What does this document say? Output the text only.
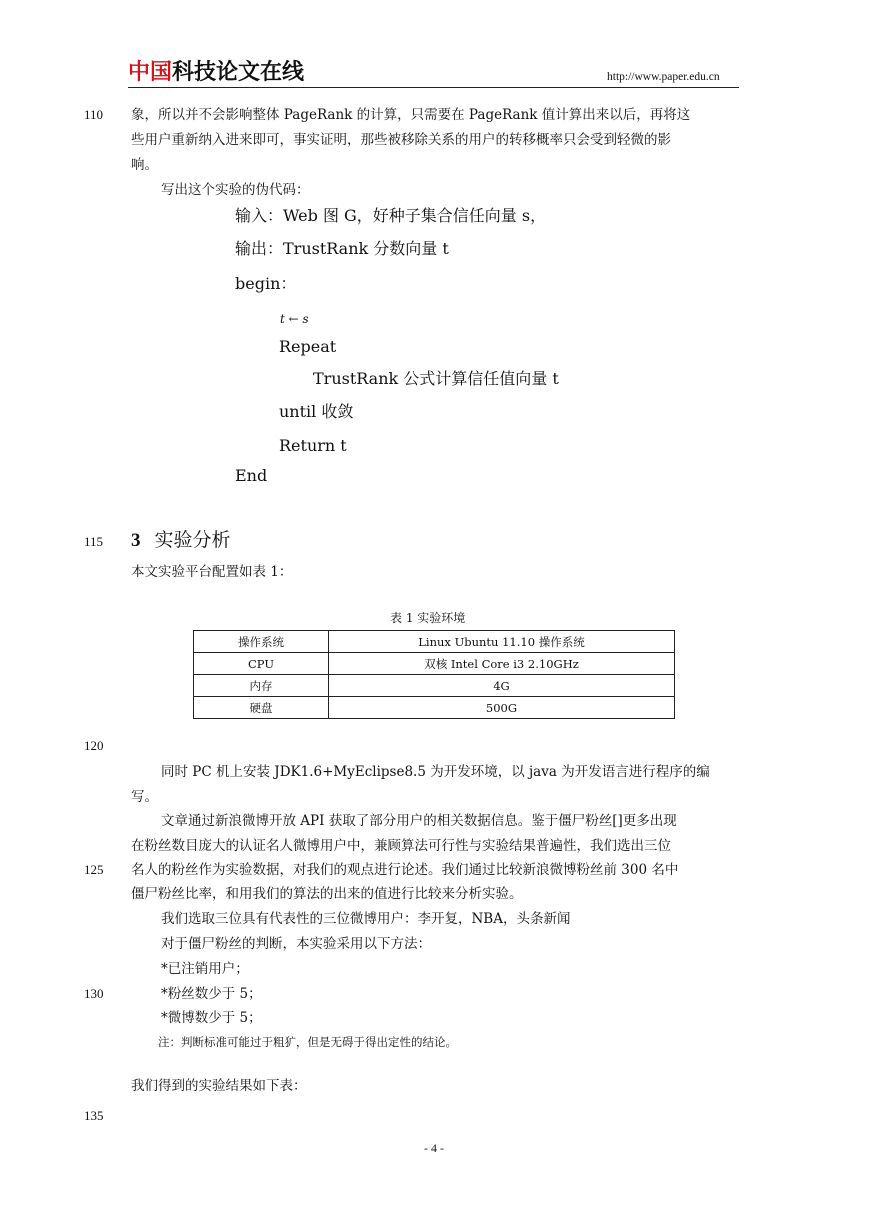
中国科技论文在线	http://www.paper.edu.cn
110
115
120
125
130
135
象，所以并不会影响整体 PageRank 的计算，只需要在 PageRank 值计算出来以后，再将这
些用户重新纳入进来即可，事实证明，那些被移除关系的用户的转移概率只会受到轻微的影
响。
写出这个实验的伪代码：
输入：Web 图 G，好种子集合信任向量 s，
输出：TrustRank 分数向量 t
begin：
t ← s
Repeat
TrustRank 公式计算信任值向量 t
until 收敛
Return t
End
3 实验分析
本文实验平台配置如表 1：
表 1 实验环境
操作系统	Linux Ubuntu 11.10 操作系统
CPU	双核 Intel Core i3 2.10GHz
内存	4G
硬盘	500G
同时 PC 机上安装 JDK1.6+MyEclipse8.5 为开发环境，以 java 为开发语言进行程序的编
写。
文章通过新浪微博开放 API 获取了部分用户的相关数据信息。鉴于僵尸粉丝[]更多出现
在粉丝数目庞大的认证名人微博用户中，兼顾算法可行性与实验结果普遍性，我们选出三位
名人的粉丝作为实验数据，对我们的观点进行论述。我们通过比较新浪微博粉丝前 300 名中
僵尸粉丝比率，和用我们的算法的出来的值进行比较来分析实验。
我们选取三位具有代表性的三位微博用户：李开复，NBA，头条新闻
对于僵尸粉丝的判断，本实验采用以下方法：
*已注销用户；
*粉丝数少于 5；
*微博数少于 5；
注：判断标准可能过于粗犷，但是无碍于得出定性的结论。
我们得到的实验结果如下表：
- 4 -
